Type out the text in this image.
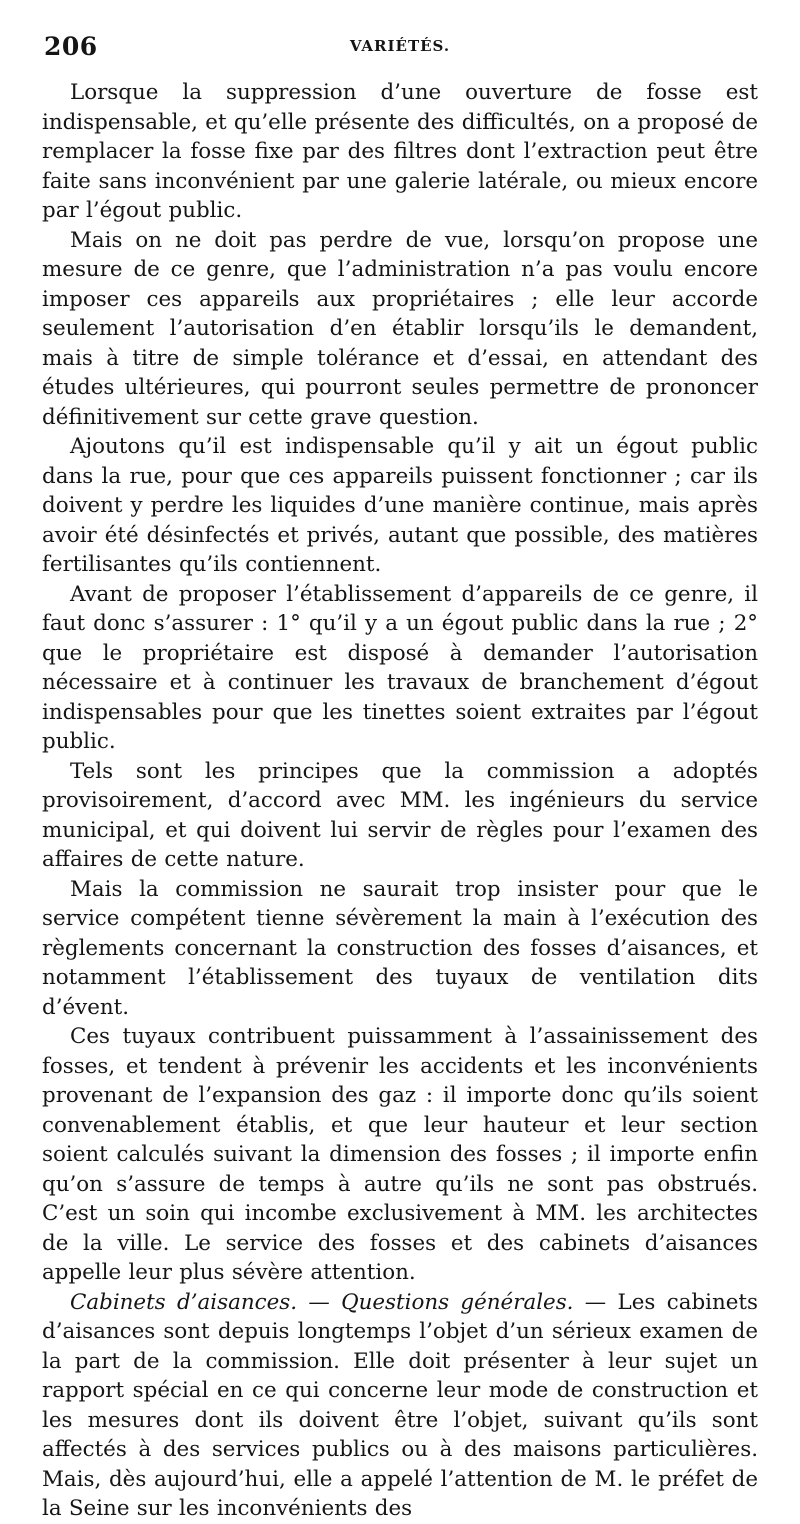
206	VARIÉTÉS.

Lorsque la suppression d’une ouverture de fosse est indispensable, et qu’elle présente des difficultés, on a proposé de remplacer la fosse fixe par des filtres dont l’extraction peut être faite sans inconvénient par une galerie latérale, ou mieux encore par l’égout public.

Mais on ne doit pas perdre de vue, lorsqu’on propose une mesure de ce genre, que l’administration n’a pas voulu encore imposer ces appareils aux propriétaires ; elle leur accorde seulement l’autorisation d’en établir lorsqu’ils le demandent, mais à titre de simple tolérance et d’essai, en attendant des études ultérieures, qui pourront seules permettre de prononcer définitivement sur cette grave question.

Ajoutons qu’il est indispensable qu’il y ait un égout public dans la rue, pour que ces appareils puissent fonctionner ; car ils doivent y perdre les liquides d’une manière continue, mais après avoir été désinfectés et privés, autant que possible, des matières fertilisantes qu’ils contiennent.

Avant de proposer l’établissement d’appareils de ce genre, il faut donc s’assurer : 1° qu’il y a un égout public dans la rue ; 2° que le propriétaire est disposé à demander l’autorisation nécessaire et à continuer les travaux de branchement d’égout indispensables pour que les tinettes soient extraites par l’égout public.

Tels sont les principes que la commission a adoptés provisoirement, d’accord avec MM. les ingénieurs du service municipal, et qui doivent lui servir de règles pour l’examen des affaires de cette nature.

Mais la commission ne saurait trop insister pour que le service compétent tienne sévèrement la main à l’exécution des règlements concernant la construction des fosses d’aisances, et notamment l’établissement des tuyaux de ventilation dits d’évent.

Ces tuyaux contribuent puissamment à l’assainissement des fosses, et tendent à prévenir les accidents et les inconvénients provenant de l’expansion des gaz : il importe donc qu’ils soient convenablement établis, et que leur hauteur et leur section soient calculés suivant la dimension des fosses ; il importe enfin qu’on s’assure de temps à autre qu’ils ne sont pas obstrués. C’est un soin qui incombe exclusivement à MM. les architectes de la ville. Le service des fosses et des cabinets d’aisances appelle leur plus sévère attention.

Cabinets d’aisances. — Questions générales. — Les cabinets d’aisances sont depuis longtemps l’objet d’un sérieux examen de la part de la commission. Elle doit présenter à leur sujet un rapport spécial en ce qui concerne leur mode de construction et les mesures dont ils doivent être l’objet, suivant qu’ils sont affectés à des services publics ou à des maisons particulières. Mais, dès aujourd’hui, elle a appelé l’attention de M. le préfet de la Seine sur les inconvénients des
